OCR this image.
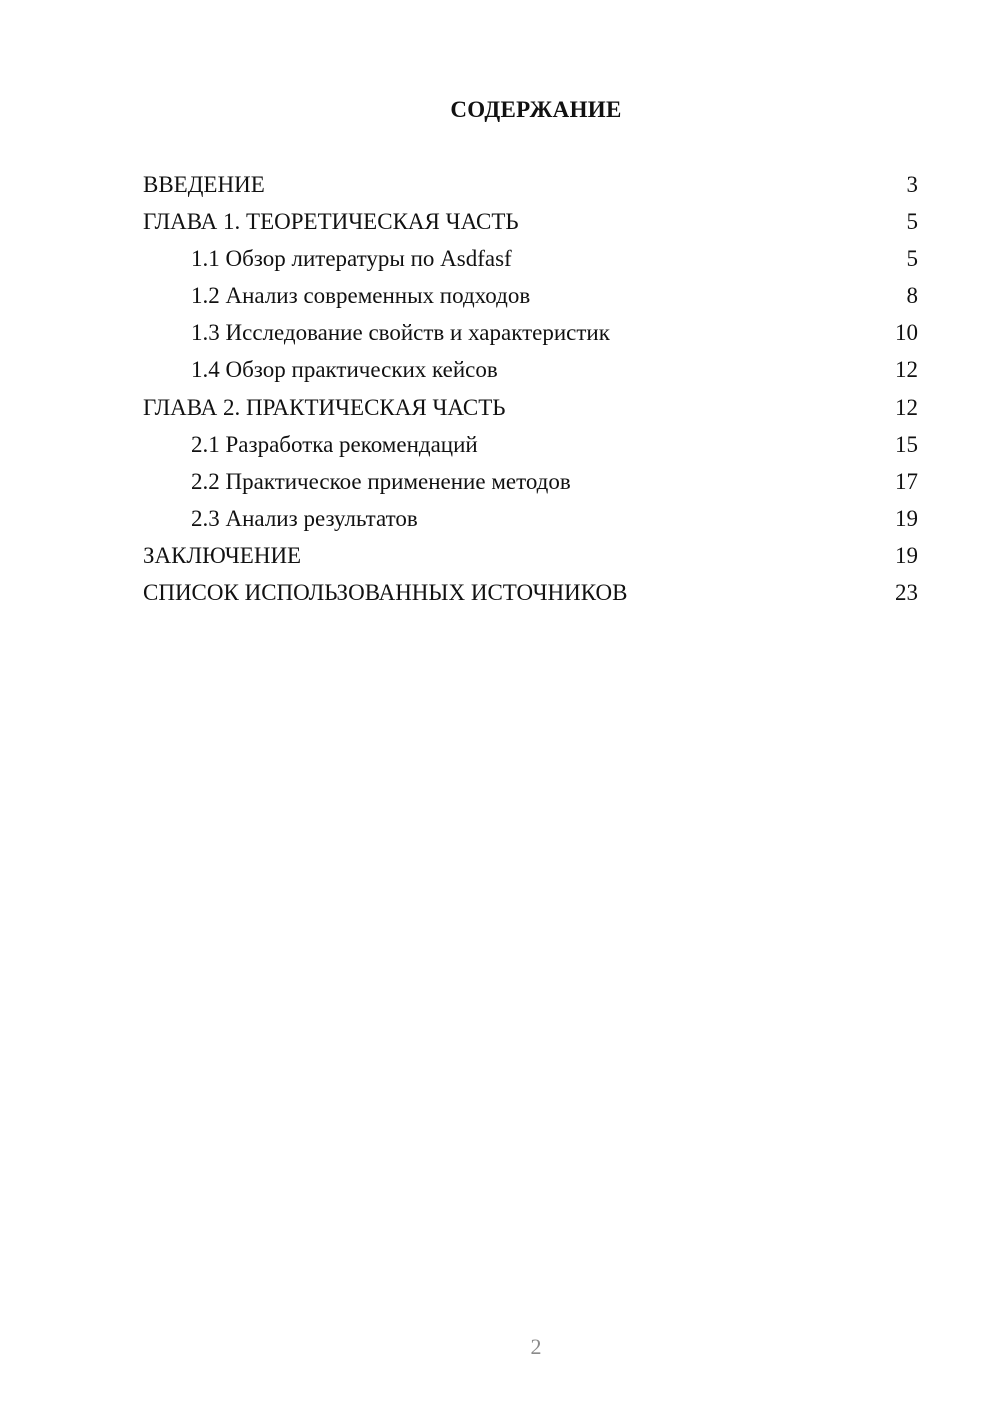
СОДЕРЖАНИЕ
ВВЕДЕНИЕ	3
ГЛАВА 1. ТЕОРЕТИЧЕСКАЯ ЧАСТЬ	5
1.1 Обзор литературы по Asdfasf	5
1.2 Анализ современных подходов	8
1.3 Исследование свойств и характеристик	10
1.4 Обзор практических кейсов	12
ГЛАВА 2. ПРАКТИЧЕСКАЯ ЧАСТЬ	12
2.1 Разработка рекомендаций	15
2.2 Практическое применение методов	17
2.3 Анализ результатов	19
ЗАКЛЮЧЕНИЕ	19
СПИСОК ИСПОЛЬЗОВАННЫХ ИСТОЧНИКОВ	23
2
